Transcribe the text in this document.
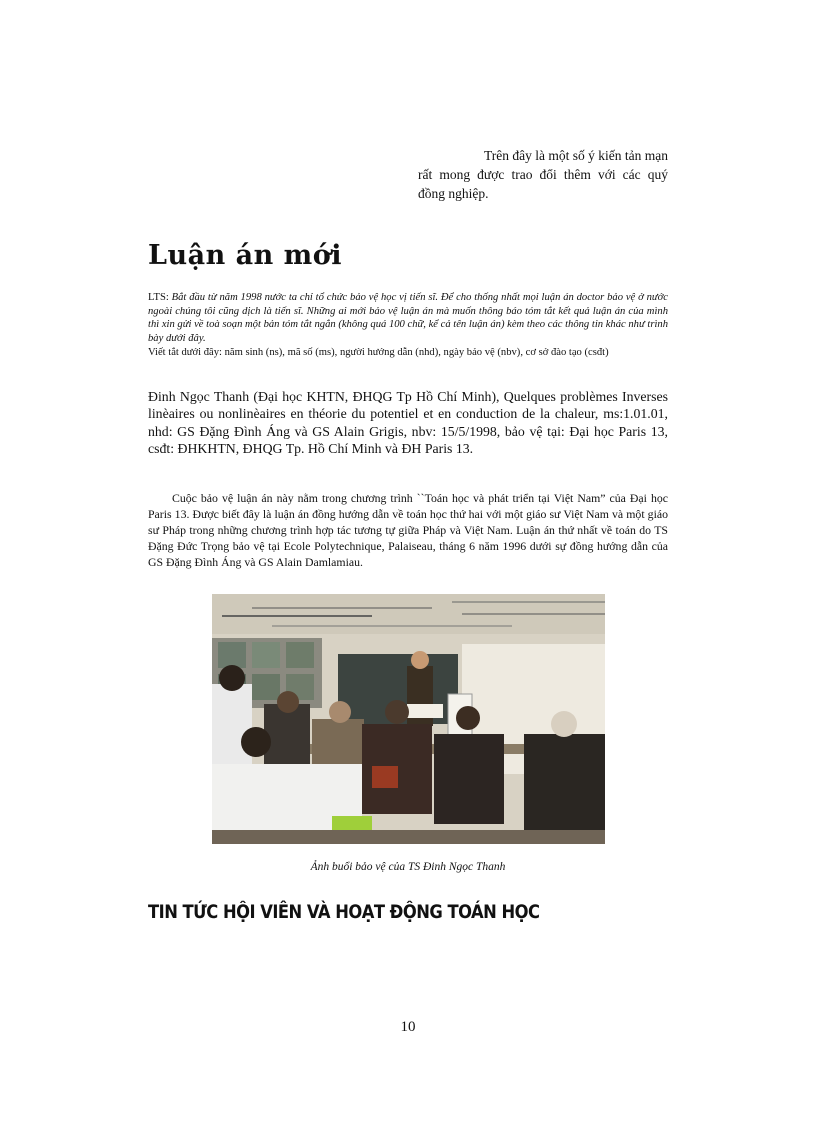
Trên đây là một số ý kiến tản mạn rất mong được trao đổi thêm với các quý đồng nghiệp.
Luận án mới
LTS: Bắt đầu từ năm 1998 nước ta chỉ tổ chức bảo vệ học vị tiến sĩ. Để cho thống nhất mọi luận án doctor bảo vệ ở nước ngoài chúng tôi cũng dịch là tiến sĩ. Những ai mới bảo vệ luận án mà muốn thông báo tóm tắt kết quả luận án của mình thì xin gửi về toà soạn một bản tóm tắt ngắn (không quá 100 chữ, kể cả tên luận án) kèm theo các thông tin khác như trình bày dưới đây.
Viết tắt dưới đây: năm sinh (ns), mã số (ms), người hướng dẫn (nhd), ngày bảo vệ (nbv), cơ sở đào tạo (csđt)
Đinh Ngọc Thanh (Đại học KHTN, ĐHQG Tp Hồ Chí Minh), Quelques problèmes Inverses linèaires ou nonlinèaires en théorie du potentiel et en conduction de la chaleur, ms:1.01.01, nhd: GS Đặng Đình Áng và GS Alain Grigis, nbv: 15/5/1998, bảo vệ tại: Đại học Paris 13, csđt: ĐHKHTN, ĐHQG Tp. Hồ Chí Minh và ĐH Paris 13.
Cuộc bảo vệ luận án này nằm trong chương trình ``Toán học và phát triển tại Việt Nam” của Đại học Paris 13. Được biết đây là luận án đồng hướng dẫn về toán học thứ hai với một giáo sư Việt Nam và một giáo sư Pháp trong những chương trình hợp tác tương tự giữa Pháp và Việt Nam. Luận án thứ nhất về toán do TS Đặng Đức Trọng bảo vệ tại Ecole Polytechnique, Palaiseau, tháng 6 năm 1996 dưới sự đồng hướng dẫn của GS Đặng Đình Áng và GS Alain Damlamiau.
Ảnh buổi bảo vệ của TS Đinh Ngọc Thanh
TIN TỨC HỘI VIÊN VÀ HOẠT ĐỘNG TOÁN HỌC
10
